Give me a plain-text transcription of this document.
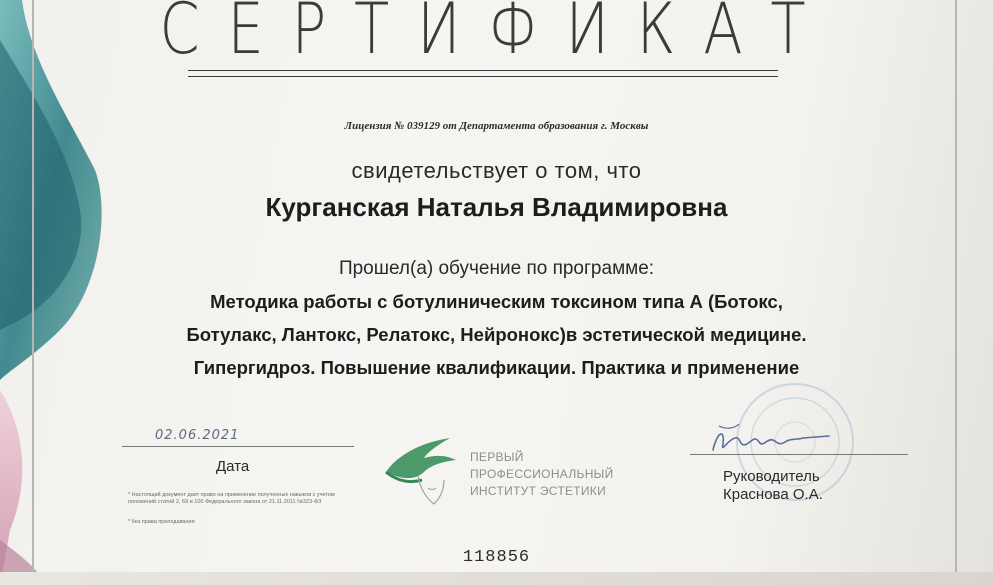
СЕРТИФИКАТ
Лицензия № 039129 от Департамента образования г. Москвы
свидетельствует о том, что
Курганская Наталья Владимировна
Прошел(а) обучение по программе:
Методика работы с ботулиническим токсином типа А (Ботокс,
Ботулакс, Лантокс, Релатокс, Нейронокс)в эстетической медицине.
Гипергидроз. Повышение квалификации. Практика и применение
02.06.2021
Дата
* Настоящий документ дает право на применение полученных навыков с учетом положений статей 2, 69 и 100 Федерального закона от 21.11.2011 №323-ФЗ
* без права преподавания
ПЕРВЫЙ
ПРОФЕССИОНАЛЬНЫЙ
ИНСТИТУТ ЭСТЕТИКИ
Руководитель
Краснова О.А.
118856
